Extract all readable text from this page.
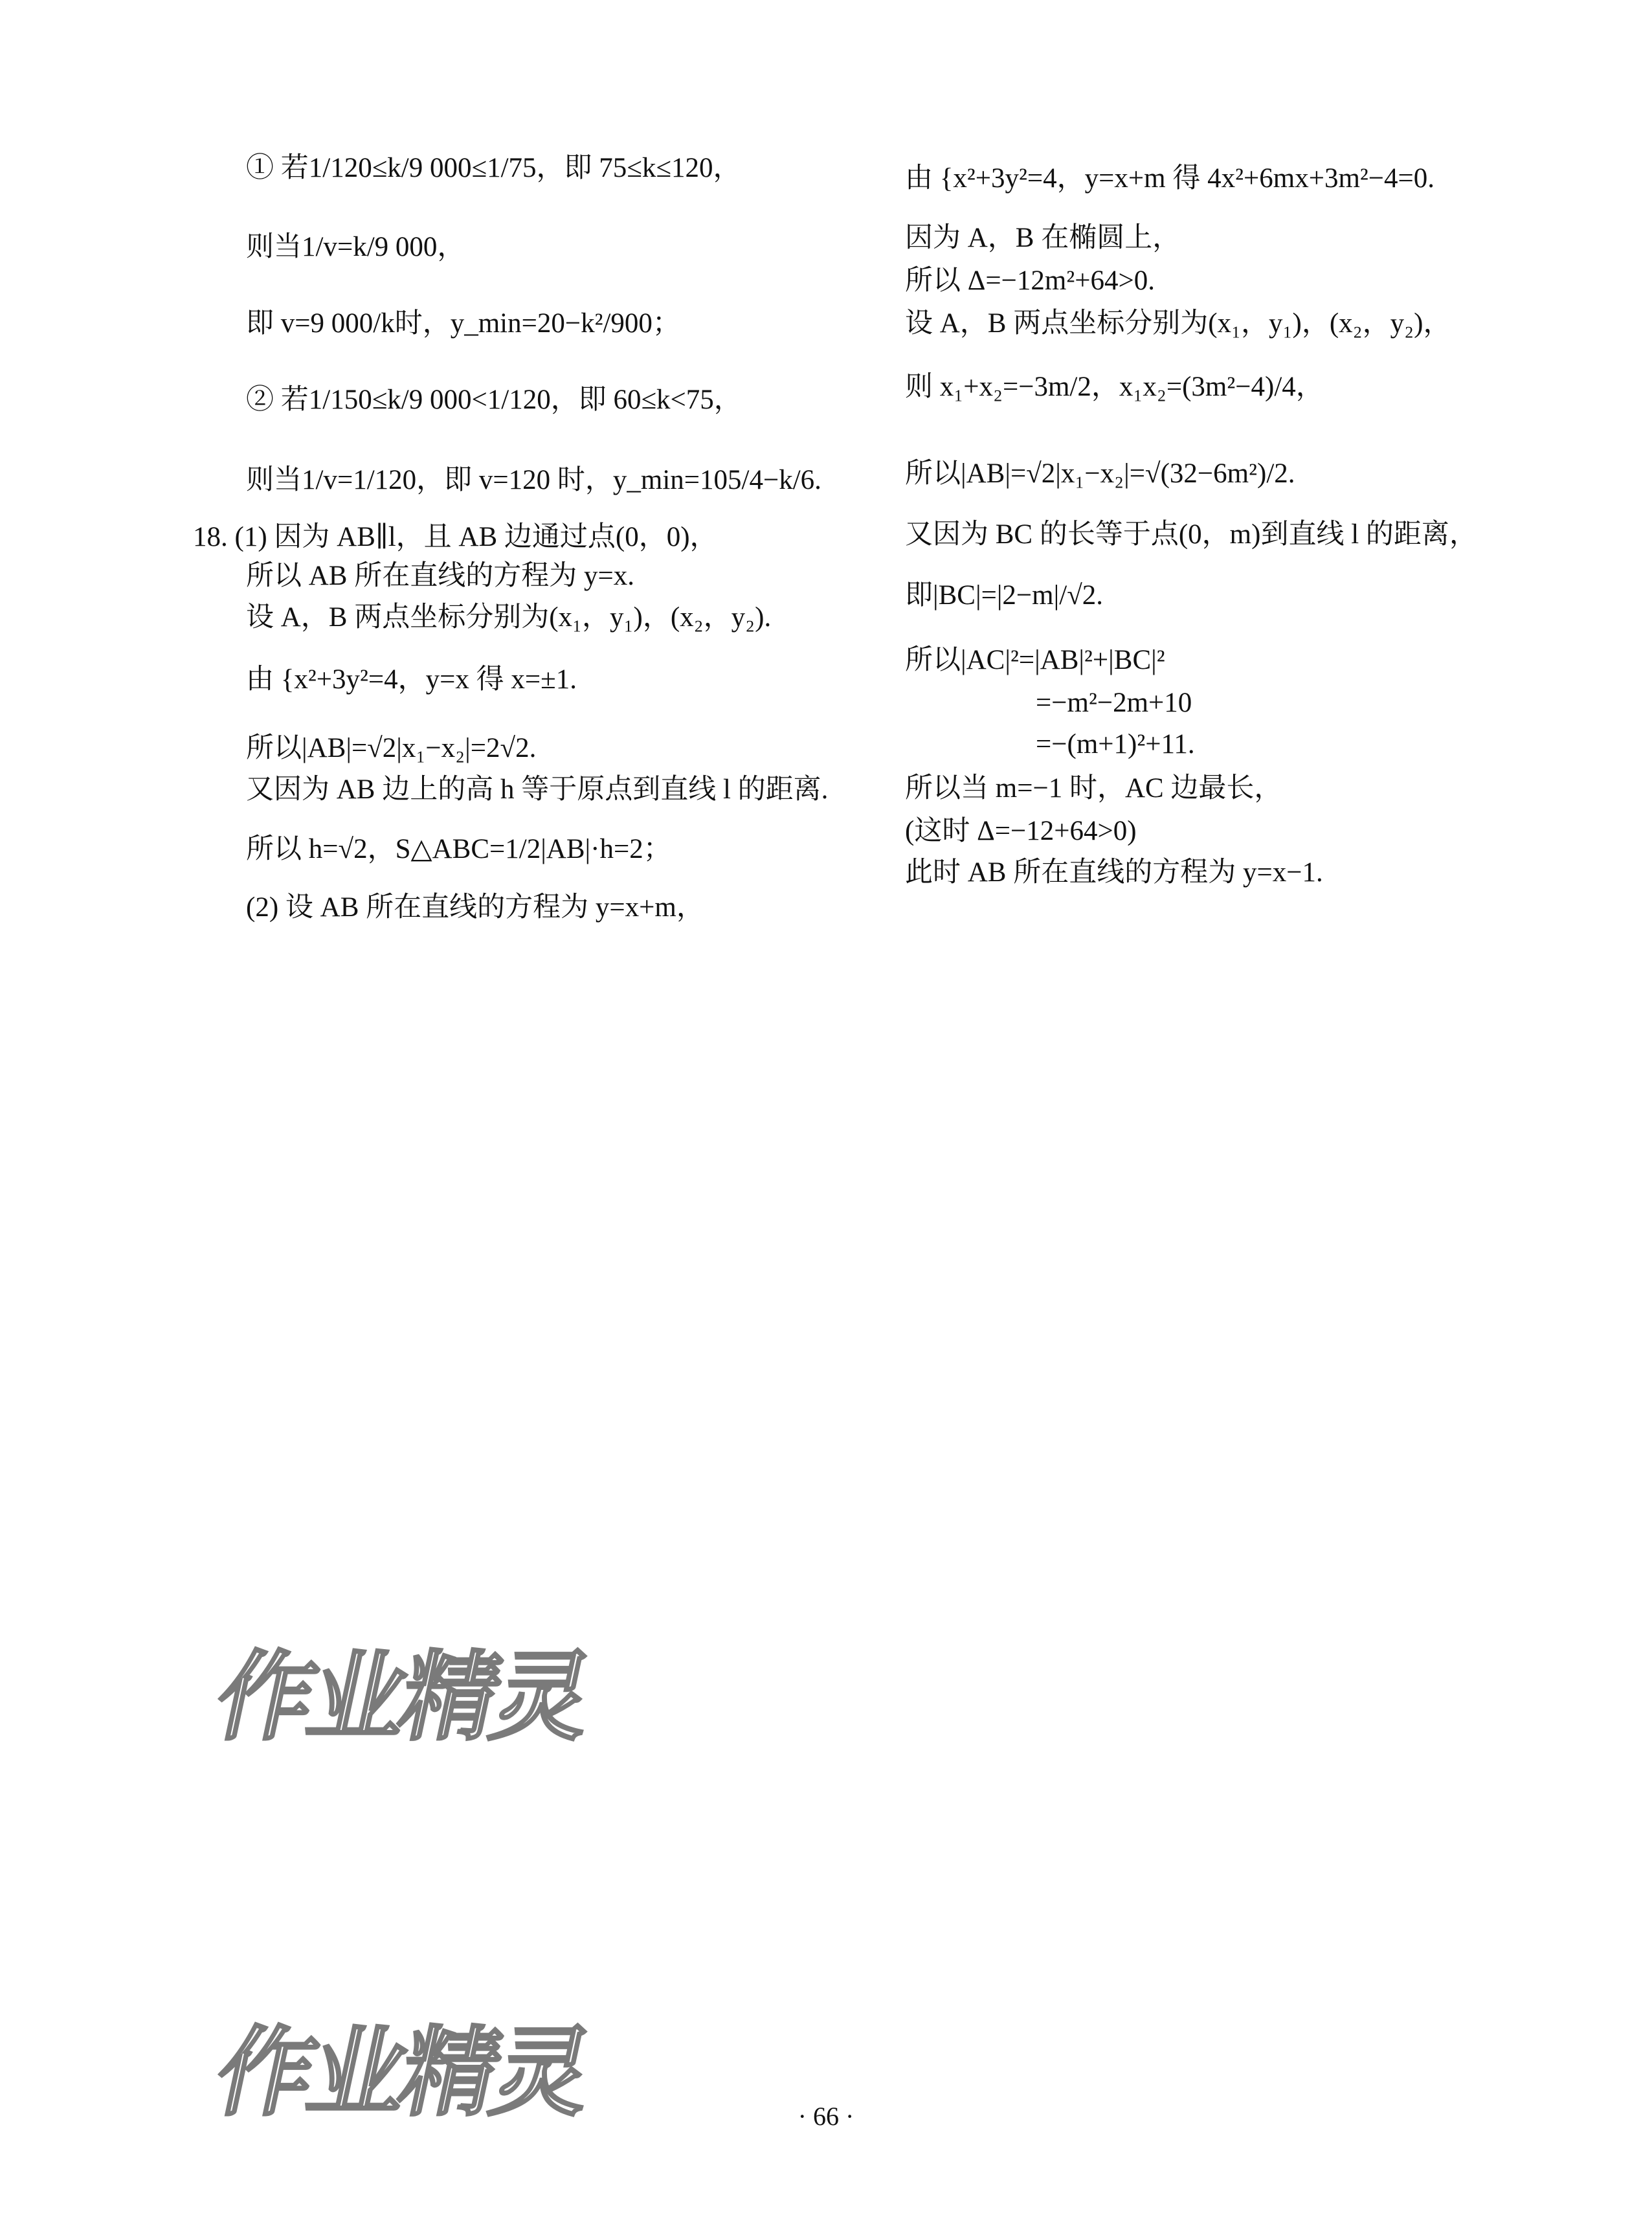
① 若1/120≤k/9 000≤1/75，即 75≤k≤120，
则当1/v=k/9 000，
即 v=9 000/k时，y_min=20−k²/900；
② 若1/150≤k/9 000<1/120，即 60≤k<75，
则当1/v=1/120，即 v=120 时，y_min=105/4−k/6.
18. (1) 因为 AB∥l，且 AB 边通过点(0，0)，
所以 AB 所在直线的方程为 y=x.
设 A，B 两点坐标分别为(x₁，y₁)，(x₂，y₂).
由 {x²+3y²=4，y=x 得 x=±1.
所以|AB|=√2|x₁−x₂|=2√2.
又因为 AB 边上的高 h 等于原点到直线 l 的距离.
所以 h=√2，S△ABC=1/2|AB|·h=2；
(2) 设 AB 所在直线的方程为 y=x+m，
由 {x²+3y²=4，y=x+m 得 4x²+6mx+3m²−4=0.
因为 A，B 在椭圆上，
所以 Δ=−12m²+64>0.
设 A，B 两点坐标分别为(x₁，y₁)，(x₂，y₂)，
则 x₁+x₂=−3m/2，x₁x₂=(3m²−4)/4，
所以|AB|=√2|x₁−x₂|=√(32−6m²)/2.
又因为 BC 的长等于点(0，m)到直线 l 的距离，
即|BC|=|2−m|/√2.
所以|AC|²=|AB|²+|BC|²
=−m²−2m+10
=−(m+1)²+11.
所以当 m=−1 时，AC 边最长，
(这时 Δ=−12+64>0)
此时 AB 所在直线的方程为 y=x−1.
作业精灵
作业精灵	· 66 ·
